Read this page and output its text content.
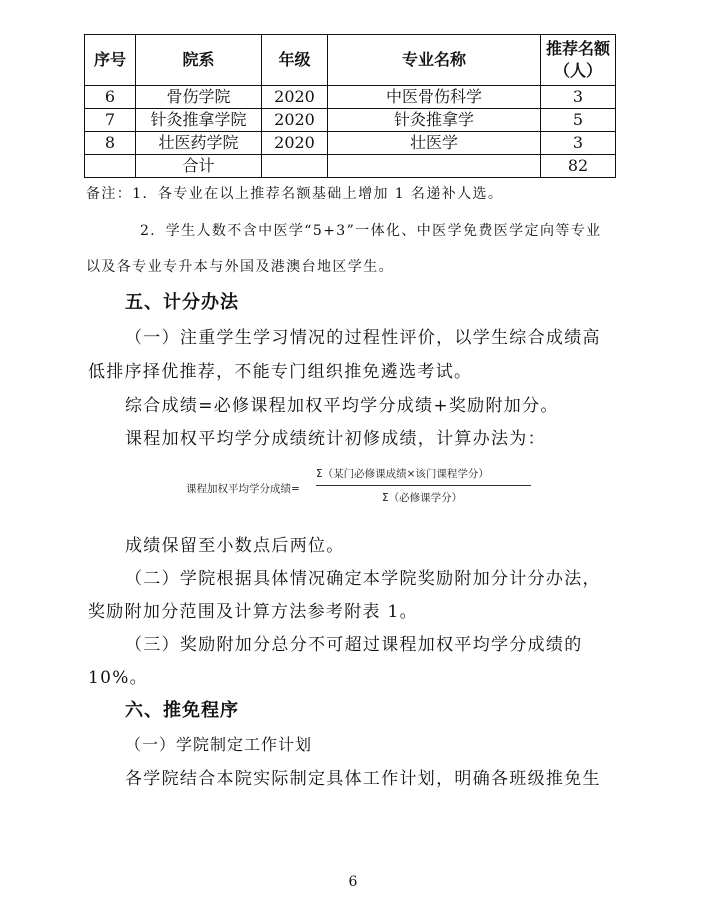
序号	院系	年级	专业名称	推荐名额（人）
6	骨伤学院	2020	中医骨伤科学	3
7	针灸推拿学院	2020	针灸推拿学	5
8	壮医药学院	2020	壮医学	3
	合计			82
备注：1．各专业在以上推荐名额基础上增加 1 名递补人选。
2．学生人数不含中医学“5+3”一体化、中医学免费医学定向等专业
以及各专业专升本与外国及港澳台地区学生。
五、计分办法
（一）注重学生学习情况的过程性评价，以学生综合成绩高
低排序择优推荐，不能专门组织推免遴选考试。
综合成绩=必修课程加权平均学分成绩+奖励附加分。
课程加权平均学分成绩统计初修成绩，计算办法为：
课程加权平均学分成绩=
Σ（某门必修课成绩×该门课程学分）
Σ（必修课学分）
成绩保留至小数点后两位。
（二）学院根据具体情况确定本学院奖励附加分计分办法，
奖励附加分范围及计算方法参考附表 1。
（三）奖励附加分总分不可超过课程加权平均学分成绩的
10%。
六、推免程序
（一）学院制定工作计划
各学院结合本院实际制定具体工作计划，明确各班级推免生
6
